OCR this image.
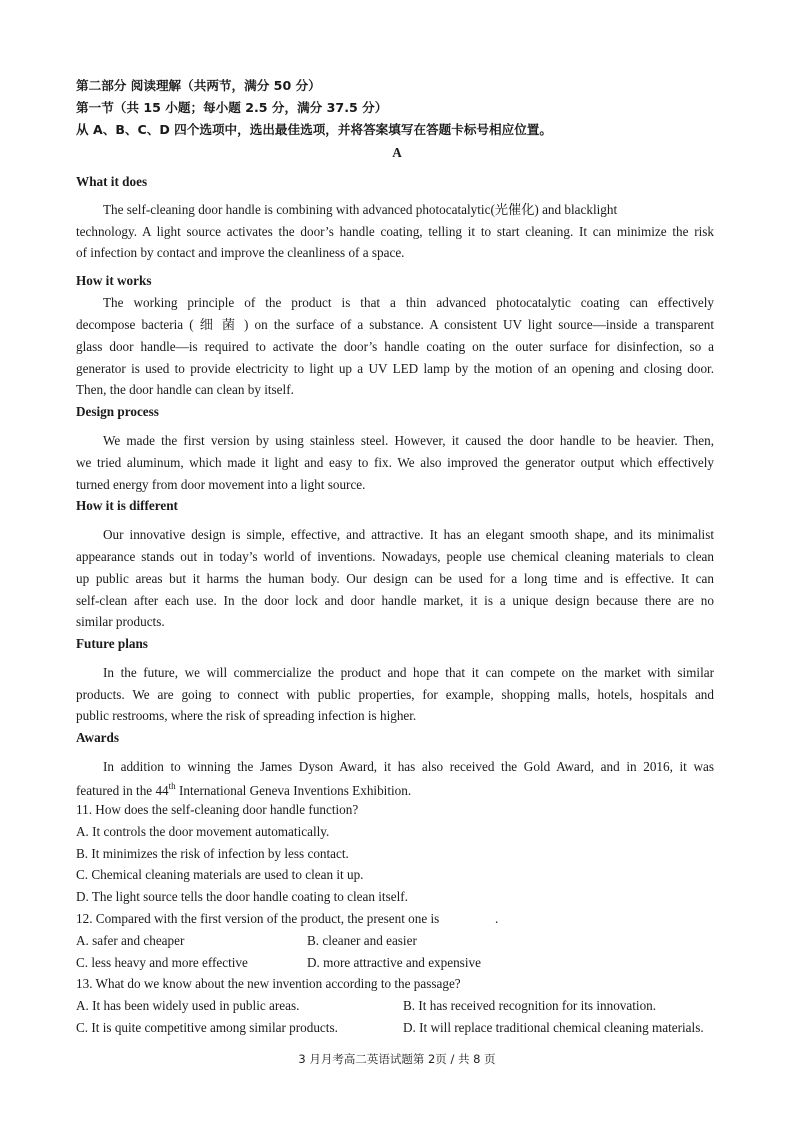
第二部分 阅读理解（共两节，满分 50 分）
第一节（共 15 小题；每小题 2.5 分，满分 37.5 分）
从 A、B、C、D 四个选项中，选出最佳选项，并将答案填写在答题卡标号相应位置。
A
What it does
The self-cleaning door handle is combining with advanced photocatalytic(光催化) and blacklight
technology. A light source activates the door’s handle coating, telling it to start cleaning. It can minimize the risk
of infection by contact and improve the cleanliness of a space.
How it works
The working principle of the product is that a thin advanced photocatalytic coating can effectively
decompose bacteria ( 细 菌 ) on the surface of a substance. A consistent UV light source—inside a transparent
glass door handle—is required to activate the door’s handle coating on the outer surface for disinfection, so a
generator is used to provide electricity to light up a UV LED lamp by the motion of an opening and closing door.
Then, the door handle can clean by itself.
Design process
We made the first version by using stainless steel. However, it caused the door handle to be heavier. Then,
we tried aluminum, which made it light and easy to fix. We also improved the generator output which effectively
turned energy from door movement into a light source.
How it is different
Our innovative design is simple, effective, and attractive. It has an elegant smooth shape, and its minimalist
appearance stands out in today’s world of inventions. Nowadays, people use chemical cleaning materials to clean
up public areas but it harms the human body. Our design can be used for a long time and is effective. It can
self-clean after each use. In the door lock and door handle market, it is a unique design because there are no
similar products.
Future plans
In the future, we will commercialize the product and hope that it can compete on the market with similar
products. We are going to connect with public properties, for example, shopping malls, hotels, hospitals and
public restrooms, where the risk of spreading infection is higher.
Awards
In addition to winning the James Dyson Award, it has also received the Gold Award, and in 2016, it was
featured in the 44th International Geneva Inventions Exhibition.
11. How does the self-cleaning door handle function?
A. It controls the door movement automatically.
B. It minimizes the risk of infection by less contact.
C. Chemical cleaning materials are used to clean it up.
D. The light source tells the door handle coating to clean itself.
12. Compared with the first version of the product, the present one is	.
A. safer and cheaper	B. cleaner and easier
C. less heavy and more effective	D. more attractive and expensive
13. What do we know about the new invention according to the passage?
A. It has been widely used in public areas.	B. It has received recognition for its innovation.
C. It is quite competitive among similar products.	D. It will replace traditional chemical cleaning materials.
3 月月考高二英语试题第 2页 / 共 8 页
